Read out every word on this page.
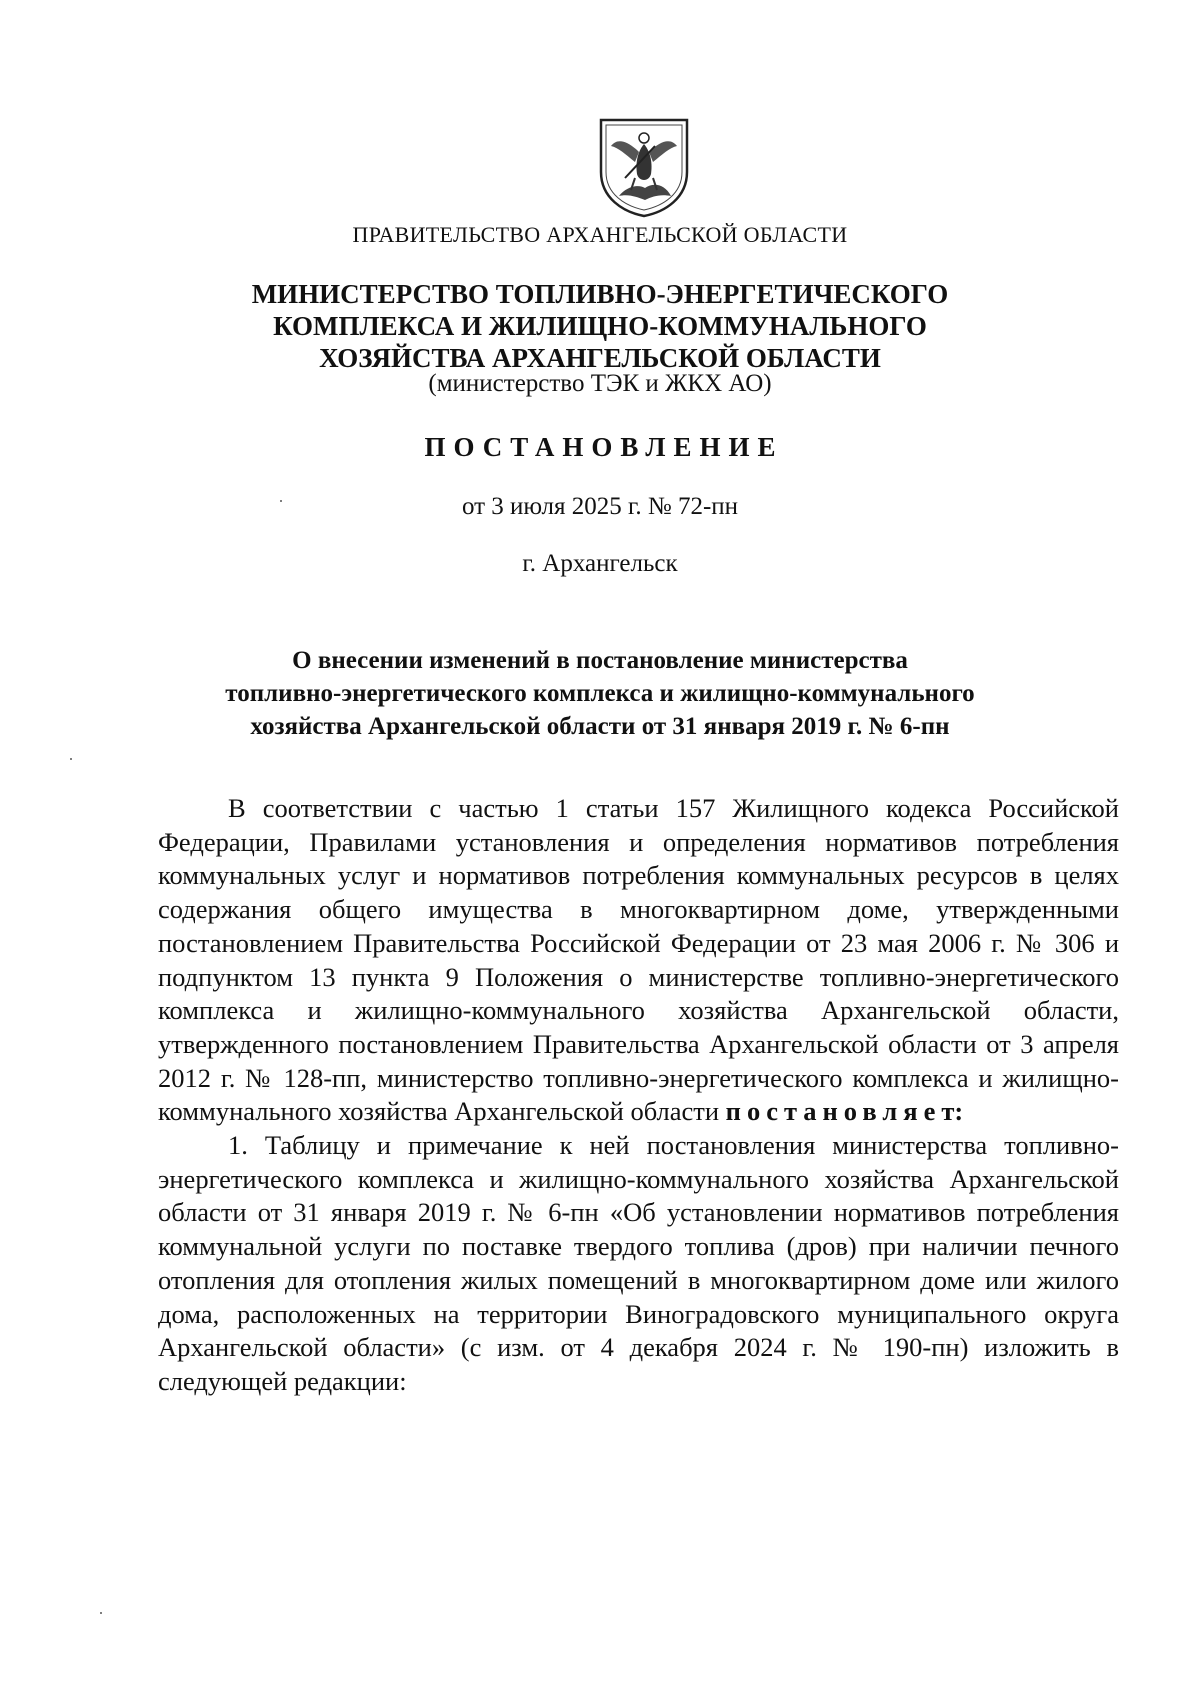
ПРАВИТЕЛЬСТВО АРХАНГЕЛЬСКОЙ ОБЛАСТИ
МИНИСТЕРСТВО ТОПЛИВНО-ЭНЕРГЕТИЧЕСКОГО
КОМПЛЕКСА И ЖИЛИЩНО-КОММУНАЛЬНОГО
ХОЗЯЙСТВА АРХАНГЕЛЬСКОЙ ОБЛАСТИ
(министерство ТЭК и ЖКХ АО)
ПОСТАНОВЛЕНИЕ
от 3 июля 2025 г. № 72-пн
г. Архангельск
О внесении изменений в постановление министерства
топливно-энергетического комплекса и жилищно-коммунального
хозяйства Архангельской области от 31 января 2019 г. № 6-пн

В соответствии с частью 1 статьи 157 Жилищного кодекса Российской Федерации, Правилами установления и определения нормативов потребления коммунальных услуг и нормативов потребления коммунальных ресурсов в целях содержания общего имущества в многоквартирном доме, утвержденными постановлением Правительства Российской Федерации от 23 мая 2006 г. № 306 и подпунктом 13 пункта 9 Положения о министерстве топливно-энергетического комплекса и жилищно-коммунального хозяйства Архангельской области, утвержденного постановлением Правительства Архангельской области от 3 апреля 2012 г. № 128-пп, министерство топливно-энергетического комплекса и жилищно-коммунального хозяйства Архангельской области постановляет:

1. Таблицу и примечание к ней постановления министерства топливно-энергетического комплекса и жилищно-коммунального хозяйства Архангельской области от 31 января 2019 г. № 6-пн «Об установлении нормативов потребления коммунальной услуги по поставке твердого топлива (дров) при наличии печного отопления для отопления жилых помещений в многоквартирном доме или жилого дома, расположенных на территории Виноградовского муниципального округа Архангельской области» (с изм. от 4 декабря 2024 г. № 190-пн) изложить в следующей редакции:
